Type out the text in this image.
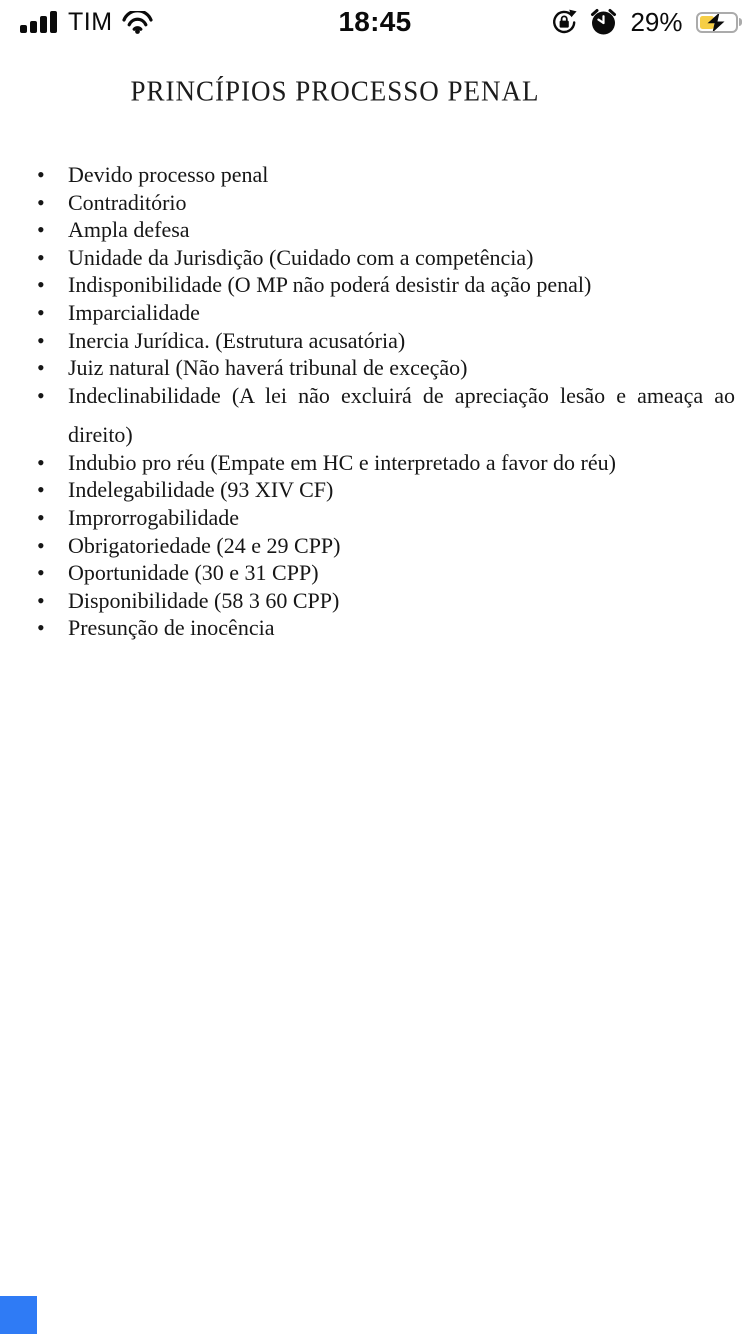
TIM	18:45	29%
PRINCÍPIOS PROCESSO PENAL
• Devido processo penal
• Contraditório
• Ampla defesa
• Unidade da Jurisdição (Cuidado com a competência)
• Indisponibilidade (O MP não poderá desistir da ação penal)
• Imparcialidade
• Inercia Jurídica. (Estrutura acusatória)
• Juiz natural (Não haverá tribunal de exceção)
• Indeclinabilidade (A lei não excluirá de apreciação lesão e ameaça ao direito)
• Indubio pro réu (Empate em HC e interpretado a favor do réu)
• Indelegabilidade (93 XIV CF)
• Improrrogabilidade
• Obrigatoriedade (24 e 29 CPP)
• Oportunidade (30 e 31 CPP)
• Disponibilidade (58 3 60 CPP)
• Presunção de inocência
